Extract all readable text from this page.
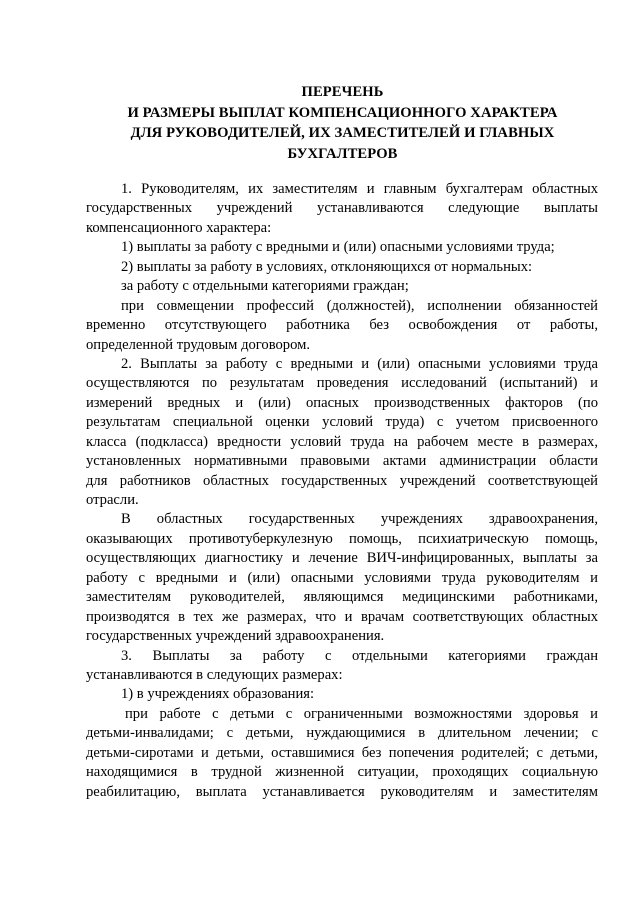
ПЕРЕЧЕНЬ
И РАЗМЕРЫ ВЫПЛАТ КОМПЕНСАЦИОННОГО ХАРАКТЕРА
ДЛЯ РУКОВОДИТЕЛЕЙ, ИХ ЗАМЕСТИТЕЛЕЙ И ГЛАВНЫХ
БУХГАЛТЕРОВ
1. Руководителям, их заместителям и главным бухгалтерам областных
государственных учреждений устанавливаются следующие выплаты
компенсационного характера:
1) выплаты за работу с вредными и (или) опасными условиями труда;
2) выплаты за работу в условиях, отклоняющихся от нормальных:
за работу с отдельными категориями граждан;
при совмещении профессий (должностей), исполнении обязанностей
временно отсутствующего работника без освобождения от работы,
определенной трудовым договором.
2. Выплаты за работу с вредными и (или) опасными условиями труда
осуществляются по результатам проведения исследований (испытаний) и
измерений вредных и (или) опасных производственных факторов (по
результатам специальной оценки условий труда) с учетом присвоенного
класса (подкласса) вредности условий труда на рабочем месте в размерах,
установленных нормативными правовыми актами администрации области
для работников областных государственных учреждений соответствующей
отрасли.
В областных государственных учреждениях здравоохранения,
оказывающих противотуберкулезную помощь, психиатрическую помощь,
осуществляющих диагностику и лечение ВИЧ-инфицированных, выплаты за
работу с вредными и (или) опасными условиями труда руководителям и
заместителям руководителей, являющимся медицинскими работниками,
производятся в тех же размерах, что и врачам соответствующих областных
государственных учреждений здравоохранения.
3. Выплаты за работу с отдельными категориями граждан
устанавливаются в следующих размерах:
1) в учреждениях образования:
при работе с детьми с ограниченными возможностями здоровья и
детьми-инвалидами; с детьми, нуждающимися в длительном лечении; с
детьми-сиротами и детьми, оставшимися без попечения родителей; с детьми,
находящимися в трудной жизненной ситуации, проходящих социальную
реабилитацию, выплата устанавливается руководителям и заместителям
